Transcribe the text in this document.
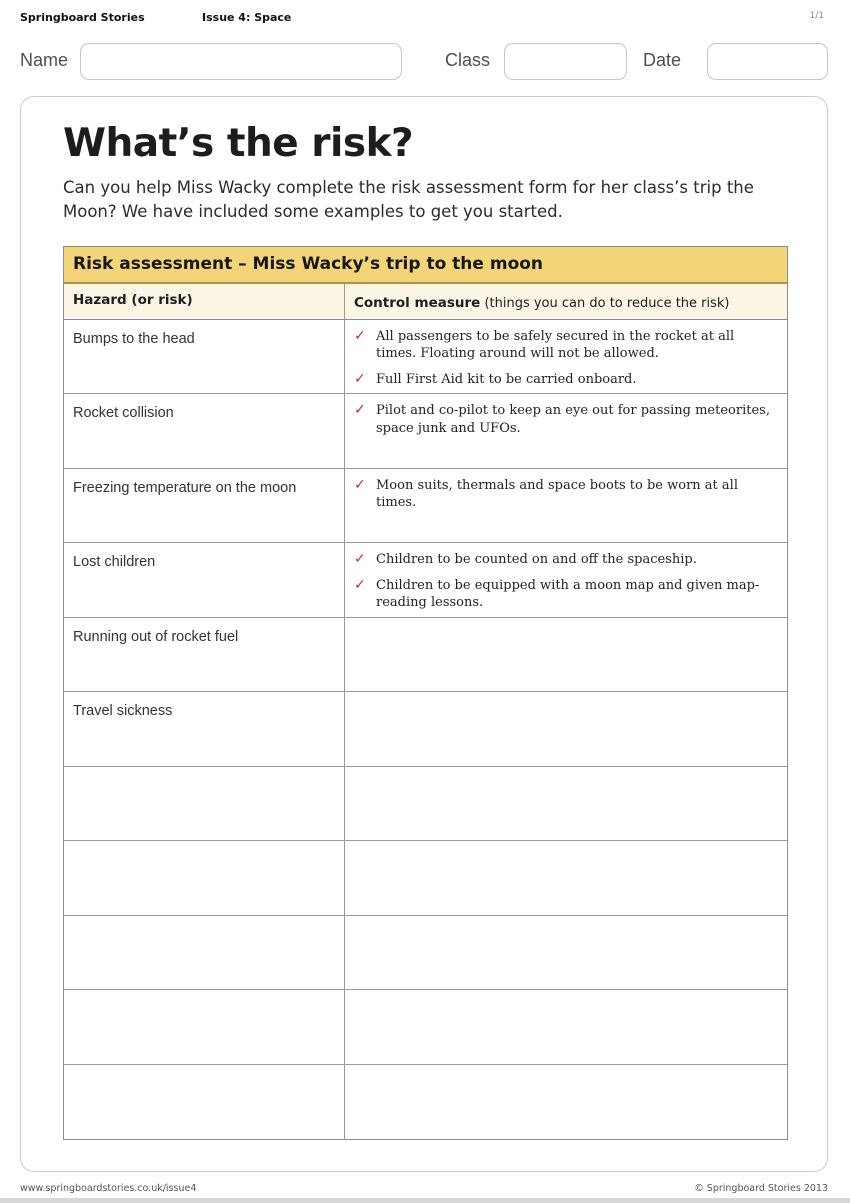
Springboard Stories	Issue 4: Space	1/1
Name	Class	Date
What’s the risk?

Can you help Miss Wacky complete the risk assessment form for her class’s trip the Moon? We have included some examples to get you started.

Risk assessment – Miss Wacky’s trip to the moon
Hazard (or risk)	Control measure (things you can do to reduce the risk)
Bumps to the head	✓ All passengers to be safely secured in the rocket at all times. Floating around will not be allowed.
✓ Full First Aid kit to be carried onboard.
Rocket collision	✓ Pilot and co-pilot to keep an eye out for passing meteorites, space junk and UFOs.
Freezing temperature on the moon	✓ Moon suits, thermals and space boots to be worn at all times.
Lost children	✓ Children to be counted on and off the spaceship.
✓ Children to be equipped with a moon map and given map-reading lessons.
Running out of rocket fuel
Travel sickness
www.springboardstories.co.uk/issue4	© Springboard Stories 2013
